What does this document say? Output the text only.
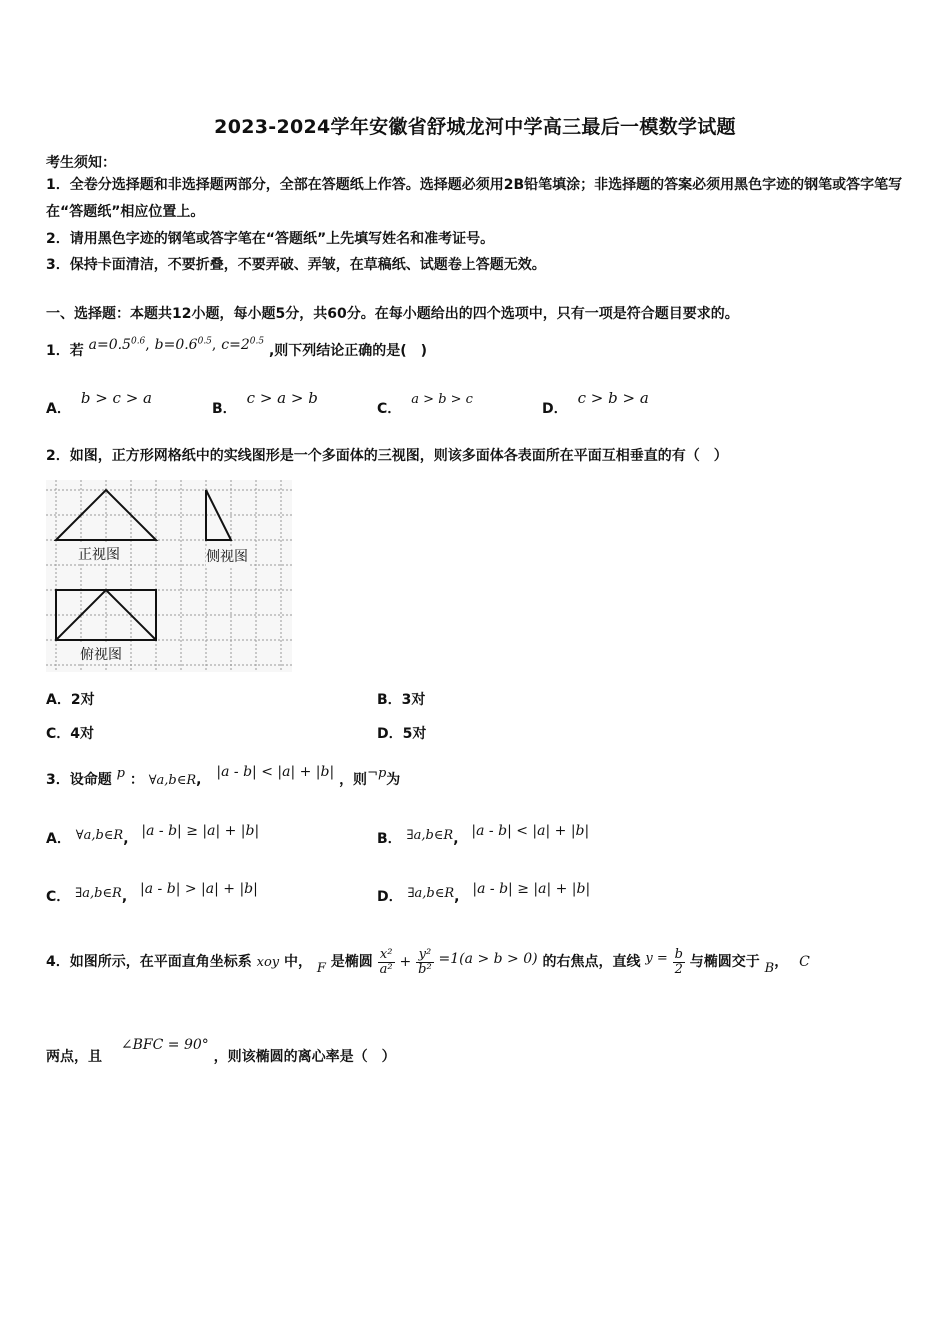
2023-2024学年安徽省舒城龙河中学高三最后一模数学试题
考生须知：
1．全卷分选择题和非选择题两部分，全部在答题纸上作答。选择题必须用2B铅笔填涂；非选择题的答案必须用黑色字迹的钢笔或答字笔写在“答题纸”相应位置上。
2．请用黑色字迹的钢笔或答字笔在“答题纸”上先填写姓名和准考证号。
3．保持卡面清洁，不要折叠，不要弄破、弄皱，在草稿纸、试题卷上答题无效。
一、选择题：本题共12小题，每小题5分，共60分。在每小题给出的四个选项中，只有一项是符合题目要求的。
1．若 $a=0.5^{0.6}$, $b=0.6^{0.5}$, $c=2^{0.5}$ ,则下列结论正确的是(　)
A．b > c > a
B．c > a > b
C．a > b > c
D．c > b > a
2．如图，正方形网格纸中的实线图形是一个多面体的三视图，则该多面体各表面所在平面互相垂直的有（　）
正视图	侧视图
俯视图
A．2对	B．3对
C．4对	D．5对
3．设命题 p ： ∀a,b∈R, |a - b| < |a| + |b| ，则¬p为
A． ∀a,b∈R, |a - b| ≥ |a| + |b|	B． ∃a,b∈R, |a - b| < |a| + |b|
C． ∃a,b∈R, |a - b| > |a| + |b|	D． ∃a,b∈R, |a - b| ≥ |a| + |b|
4．如图所示，在平面直角坐标系 xoy 中， F 是椭圆 $\frac{\text{x²}}{\text{a²}} + \frac{\text{y²}}{\text{b²}} =1(a > b > 0)$ 的右焦点，直线 $y = \frac{b}{2}$ 与椭圆交于 B， C
两点，且 ∠BFC = 90° ，则该椭圆的离心率是（　）
